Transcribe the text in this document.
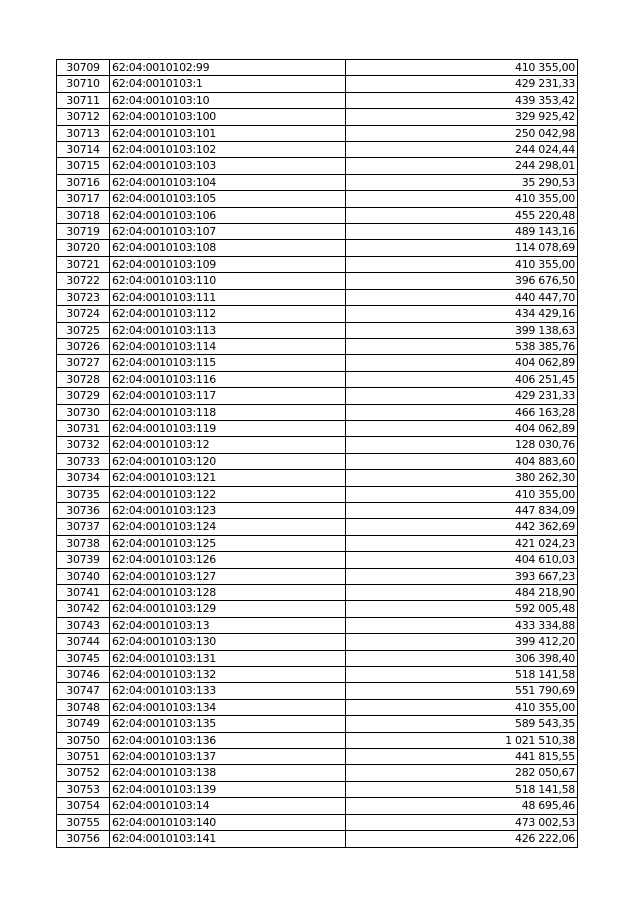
30709	62:04:0010102:99	410 355,00
30710	62:04:0010103:1	429 231,33
30711	62:04:0010103:10	439 353,42
30712	62:04:0010103:100	329 925,42
30713	62:04:0010103:101	250 042,98
30714	62:04:0010103:102	244 024,44
30715	62:04:0010103:103	244 298,01
30716	62:04:0010103:104	35 290,53
30717	62:04:0010103:105	410 355,00
30718	62:04:0010103:106	455 220,48
30719	62:04:0010103:107	489 143,16
30720	62:04:0010103:108	114 078,69
30721	62:04:0010103:109	410 355,00
30722	62:04:0010103:110	396 676,50
30723	62:04:0010103:111	440 447,70
30724	62:04:0010103:112	434 429,16
30725	62:04:0010103:113	399 138,63
30726	62:04:0010103:114	538 385,76
30727	62:04:0010103:115	404 062,89
30728	62:04:0010103:116	406 251,45
30729	62:04:0010103:117	429 231,33
30730	62:04:0010103:118	466 163,28
30731	62:04:0010103:119	404 062,89
30732	62:04:0010103:12	128 030,76
30733	62:04:0010103:120	404 883,60
30734	62:04:0010103:121	380 262,30
30735	62:04:0010103:122	410 355,00
30736	62:04:0010103:123	447 834,09
30737	62:04:0010103:124	442 362,69
30738	62:04:0010103:125	421 024,23
30739	62:04:0010103:126	404 610,03
30740	62:04:0010103:127	393 667,23
30741	62:04:0010103:128	484 218,90
30742	62:04:0010103:129	592 005,48
30743	62:04:0010103:13	433 334,88
30744	62:04:0010103:130	399 412,20
30745	62:04:0010103:131	306 398,40
30746	62:04:0010103:132	518 141,58
30747	62:04:0010103:133	551 790,69
30748	62:04:0010103:134	410 355,00
30749	62:04:0010103:135	589 543,35
30750	62:04:0010103:136	1 021 510,38
30751	62:04:0010103:137	441 815,55
30752	62:04:0010103:138	282 050,67
30753	62:04:0010103:139	518 141,58
30754	62:04:0010103:14	48 695,46
30755	62:04:0010103:140	473 002,53
30756	62:04:0010103:141	426 222,06
